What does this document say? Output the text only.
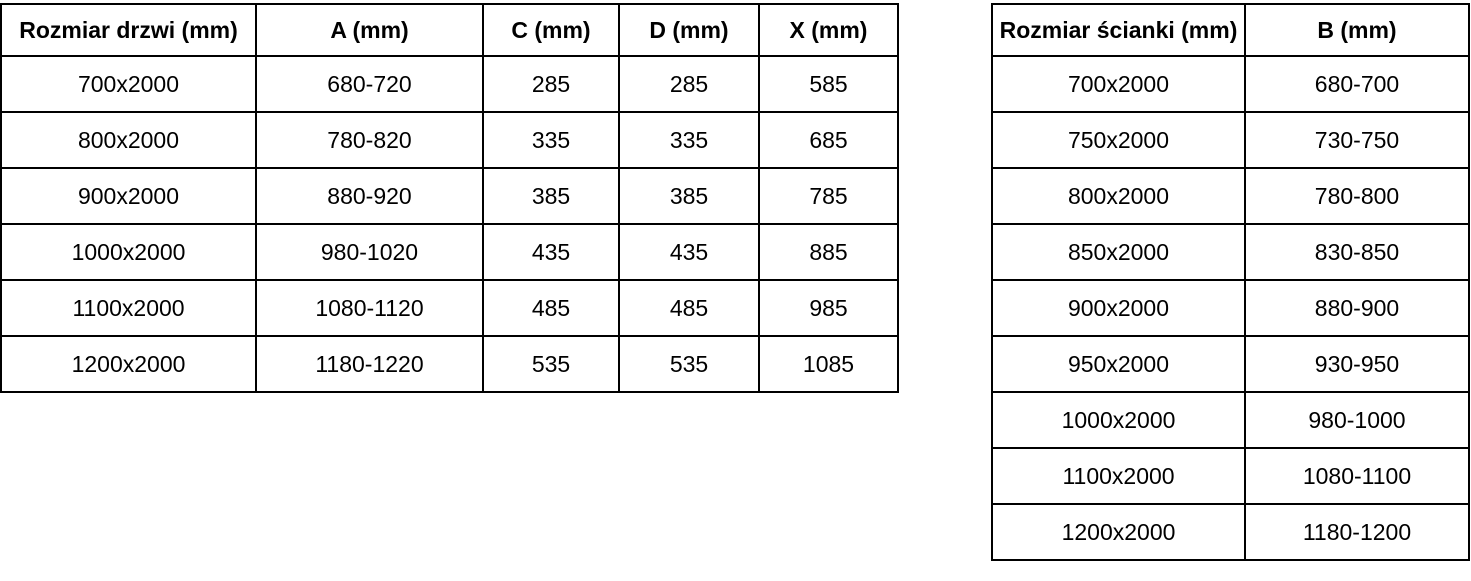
Rozmiar drzwi (mm)	A (mm)	C (mm)	D (mm)	X (mm)
700x2000	680-720	285	285	585
800x2000	780-820	335	335	685
900x2000	880-920	385	385	785
1000x2000	980-1020	435	435	885
1100x2000	1080-1120	485	485	985
1200x2000	1180-1220	535	535	1085
Rozmiar ścianki (mm)	B (mm)
700x2000	680-700
750x2000	730-750
800x2000	780-800
850x2000	830-850
900x2000	880-900
950x2000	930-950
1000x2000	980-1000
1100x2000	1080-1100
1200x2000	1180-1200
